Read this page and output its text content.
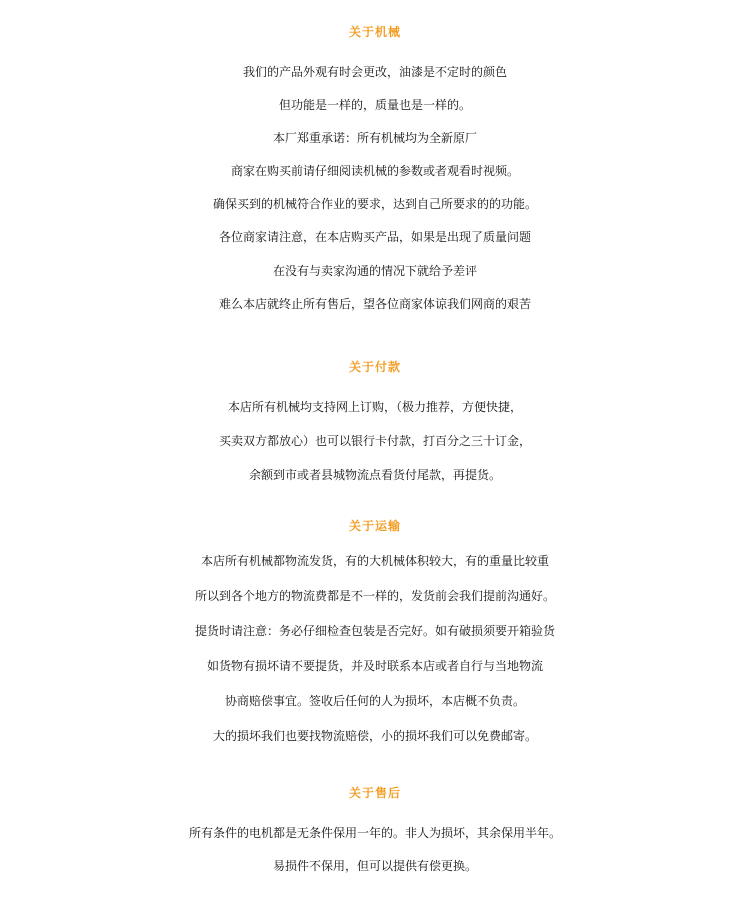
关于机械
我们的产品外观有时会更改，油漆是不定时的颜色
但功能是一样的，质量也是一样的。
本厂郑重承诺：所有机械均为全新原厂
商家在购买前请仔细阅读机械的参数或者观看时视频。
确保买到的机械符合作业的要求，达到自己所要求的的功能。
各位商家请注意，在本店购买产品，如果是出现了质量问题
在没有与卖家沟通的情况下就给予差评
难么本店就终止所有售后，望各位商家体谅我们网商的艰苦
关于付款
本店所有机械均支持网上订购，（极力推荐，方便快捷，
买卖双方都放心）也可以银行卡付款，打百分之三十订金，
余额到市或者县城物流点看货付尾款，再提货。
关于运输
本店所有机械都物流发货，有的大机械体积较大，有的重量比较重
所以到各个地方的物流费都是不一样的，发货前会我们提前沟通好。
提货时请注意：务必仔细检查包装是否完好。如有破损须要开箱验货
如货物有损坏请不要提货，并及时联系本店或者自行与当地物流
协商赔偿事宜。签收后任何的人为损坏，本店概不负责。
大的损坏我们也要找物流赔偿，小的损坏我们可以免费邮寄。
关于售后
所有条件的电机都是无条件保用一年的。非人为损坏，其余保用半年。
易损件不保用，但可以提供有偿更换。
